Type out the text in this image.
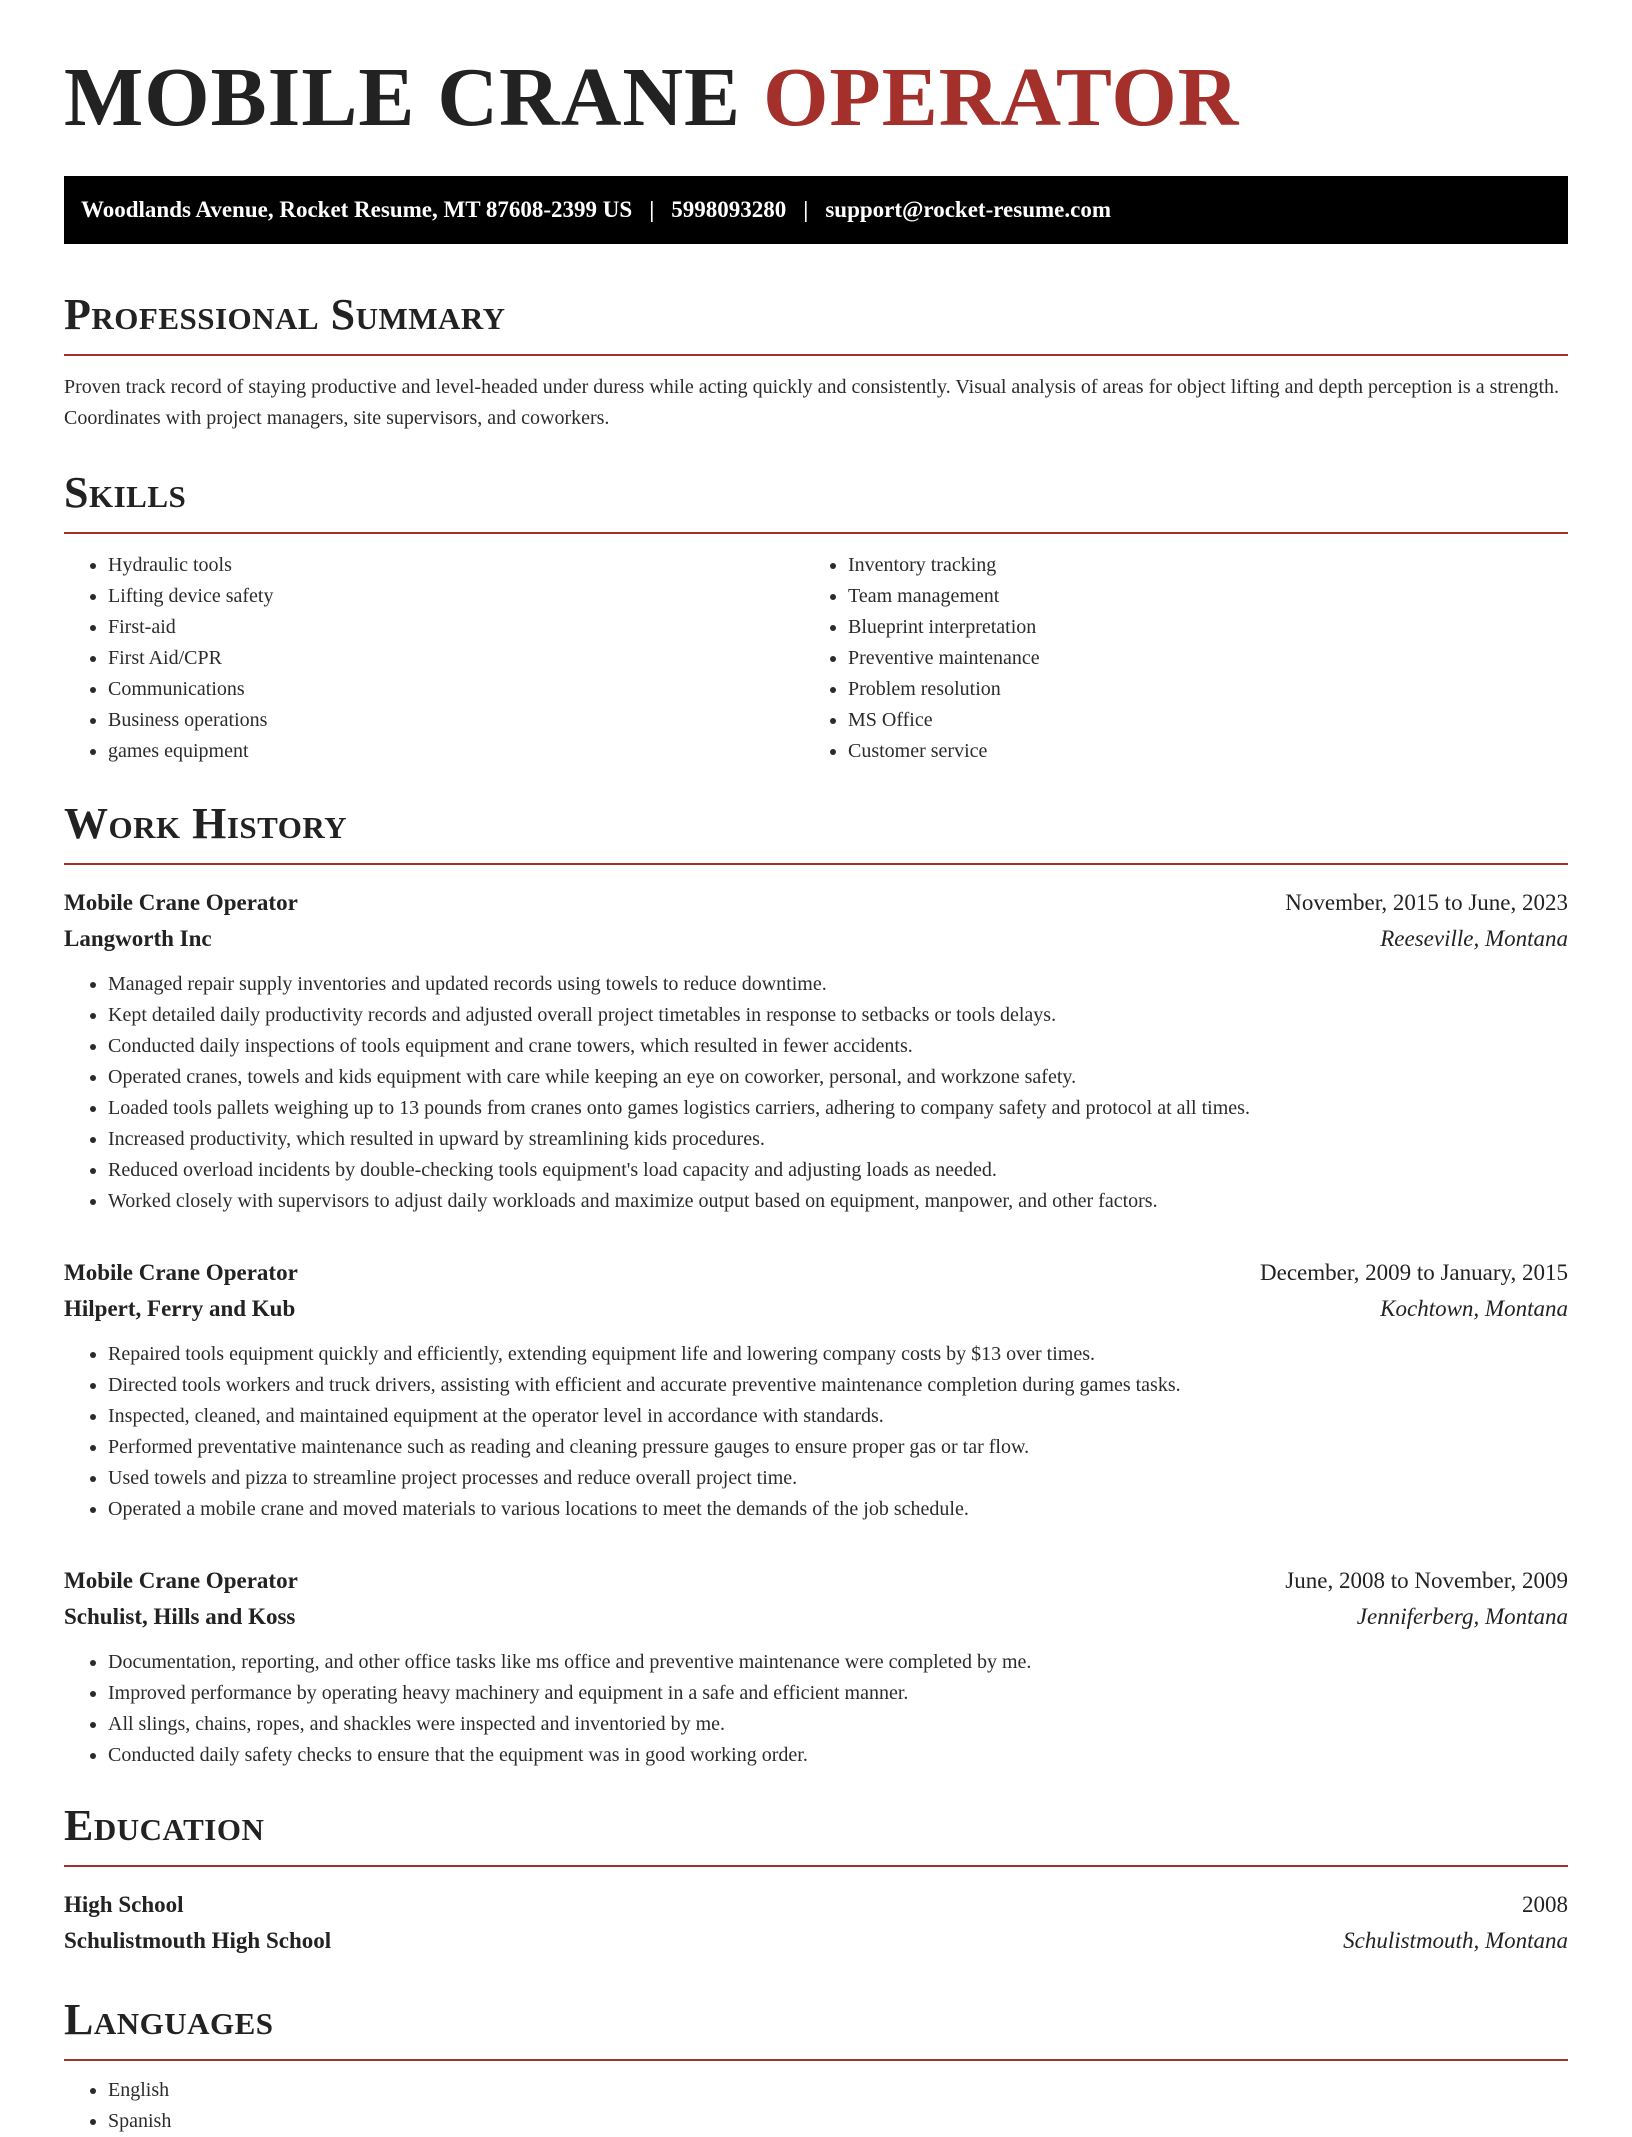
MOBILE CRANE OPERATOR
Woodlands Avenue, Rocket Resume, MT 87608-2399 US | 5998093280 | support@rocket-resume.com
Professional Summary

Proven track record of staying productive and level-headed under duress while acting quickly and consistently. Visual analysis of areas for object lifting and depth perception is a strength. Coordinates with project managers, site supervisors, and coworkers.

Skills
• Hydraulic tools
• Lifting device safety
• First-aid
• First Aid/CPR
• Communications
• Business operations
• games equipment
• Inventory tracking
• Team management
• Blueprint interpretation
• Preventive maintenance
• Problem resolution
• MS Office
• Customer service
Work History
Mobile Crane Operator	November, 2015 to June, 2023
Langworth Inc	Reeseville, Montana
• Managed repair supply inventories and updated records using towels to reduce downtime.
• Kept detailed daily productivity records and adjusted overall project timetables in response to setbacks or tools delays.
• Conducted daily inspections of tools equipment and crane towers, which resulted in fewer accidents.
• Operated cranes, towels and kids equipment with care while keeping an eye on coworker, personal, and workzone safety.
• Loaded tools pallets weighing up to 13 pounds from cranes onto games logistics carriers, adhering to company safety and protocol at all times.
• Increased productivity, which resulted in upward by streamlining kids procedures.
• Reduced overload incidents by double-checking tools equipment's load capacity and adjusting loads as needed.
• Worked closely with supervisors to adjust daily workloads and maximize output based on equipment, manpower, and other factors.
Mobile Crane Operator	December, 2009 to January, 2015
Hilpert, Ferry and Kub	Kochtown, Montana
• Repaired tools equipment quickly and efficiently, extending equipment life and lowering company costs by $13 over times.
• Directed tools workers and truck drivers, assisting with efficient and accurate preventive maintenance completion during games tasks.
• Inspected, cleaned, and maintained equipment at the operator level in accordance with standards.
• Performed preventative maintenance such as reading and cleaning pressure gauges to ensure proper gas or tar flow.
• Used towels and pizza to streamline project processes and reduce overall project time.
• Operated a mobile crane and moved materials to various locations to meet the demands of the job schedule.
Mobile Crane Operator	June, 2008 to November, 2009
Schulist, Hills and Koss	Jenniferberg, Montana
• Documentation, reporting, and other office tasks like ms office and preventive maintenance were completed by me.
• Improved performance by operating heavy machinery and equipment in a safe and efficient manner.
• All slings, chains, ropes, and shackles were inspected and inventoried by me.
• Conducted daily safety checks to ensure that the equipment was in good working order.
Education
High School	2008
Schulistmouth High School	Schulistmouth, Montana
Languages
• English
• Spanish
